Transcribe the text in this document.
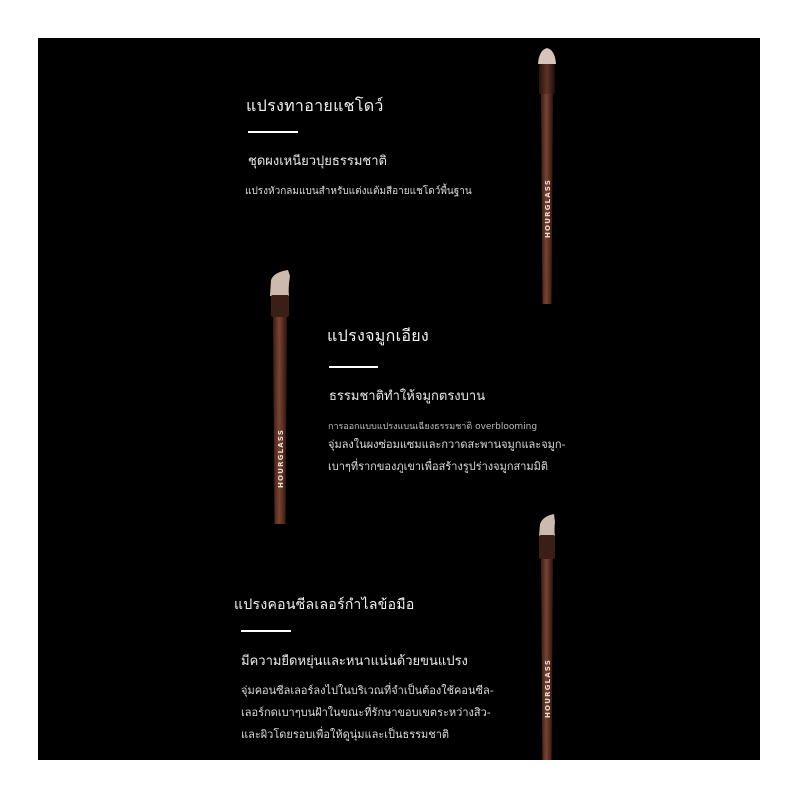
แปรงทาอายแชโดว์
ชุดผงเหนียวปุยธรรมชาติ
แปรงหัวกลมแบนสำหรับแต่งแต้มสีอายแชโดว์พื้นฐาน	HOURGLASS
แปรงจมูกเอียง
ธรรมชาติทำให้จมูกตรงบาน
การออกแบบแปรงแบนเฉียงธรรมชาติ overblooming
จุ่มลงในผงซ่อมแซมและกวาดสะพานจมูกและจมูก-
เบาๆที่รากของภูเขาเพื่อสร้างรูปร่างจมูกสามมิติ
HOURGLASS
แปรงคอนซีลเลอร์กำไลข้อมือ
มีความยืดหยุ่นและหนาแน่นด้วยขนแปรง
จุ่มคอนซีลเลอร์ลงไปในบริเวณที่จำเป็นต้องใช้คอนซีล-
เลอร์กดเบาๆบนฝ้าในขณะที่รักษาขอบเขตระหว่างสิว-
และผิวโดยรอบเพื่อให้ดูนุ่มและเป็นธรรมชาติ
HOURGLASS
